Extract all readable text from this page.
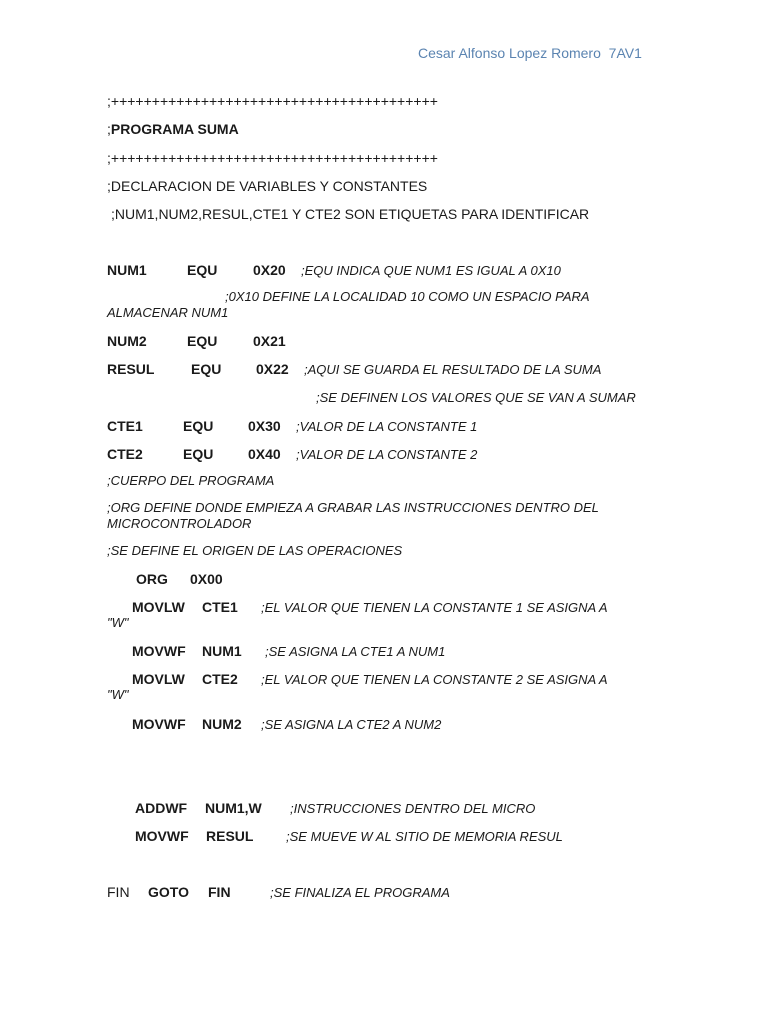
Cesar Alfonso Lopez Romero 7AV1
;++++++++++++++++++++++++++++++++++++++++
;PROGRAMA SUMA
;++++++++++++++++++++++++++++++++++++++++
;DECLARACION DE VARIABLES Y CONSTANTES
;NUM1,NUM2,RESUL,CTE1 Y CTE2 SON ETIQUETAS PARA IDENTIFICAR
NUM1	EQU	0X20 ;EQU INDICA QUE NUM1 ES IGUAL A 0X10
;0X10 DEFINE LA LOCALIDAD 10 COMO UN ESPACIO PARA
ALMACENAR NUM1
NUM2	EQU	0X21
RESUL	EQU 0X22 ;AQUI SE GUARDA EL RESULTADO DE LA SUMA
;SE DEFINEN LOS VALORES QUE SE VAN A SUMAR
CTE1	EQU 0X30 ;VALOR DE LA CONSTANTE 1
CTE2	EQU 0X40 ;VALOR DE LA CONSTANTE 2
;CUERPO DEL PROGRAMA
;ORG DEFINE DONDE EMPIEZA A GRABAR LAS INSTRUCCIONES DENTRO DEL
MICROCONTROLADOR
;SE DEFINE EL ORIGEN DE LAS OPERACIONES
ORG 0X00
MOVLW CTE1 ;EL VALOR QUE TIENEN LA CONSTANTE 1 SE ASIGNA A
"W"
MOVWF NUM1 ;SE ASIGNA LA CTE1 A NUM1
MOVLW CTE2 ;EL VALOR QUE TIENEN LA CONSTANTE 2 SE ASIGNA A
"W"
MOVWF NUM2 ;SE ASIGNA LA CTE2 A NUM2
ADDWF NUM1,W ;INSTRUCCIONES DENTRO DEL MICRO
MOVWF RESUL	;SE MUEVE W AL SITIO DE MEMORIA RESUL
FIN GOTO FIN	;SE FINALIZA EL PROGRAMA
